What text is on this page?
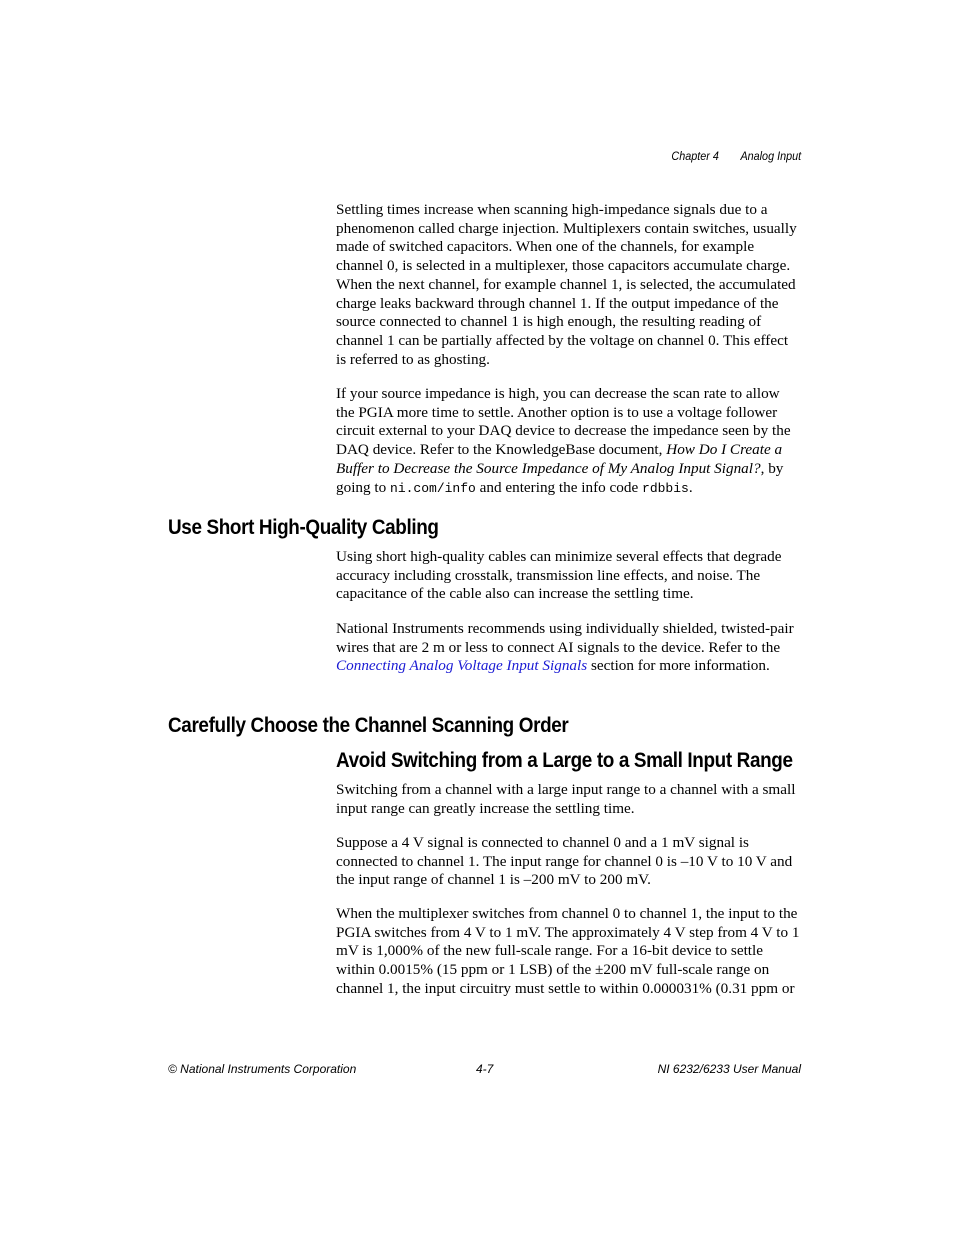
Chapter 4 Analog Input

Settling times increase when scanning high-impedance signals due to a phenomenon called charge injection. Multiplexers contain switches, usually made of switched capacitors. When one of the channels, for example channel 0, is selected in a multiplexer, those capacitors accumulate charge. When the next channel, for example channel 1, is selected, the accumulated charge leaks backward through channel 1. If the output impedance of the source connected to channel 1 is high enough, the resulting reading of channel 1 can be partially affected by the voltage on channel 0. This effect is referred to as ghosting.

If your source impedance is high, you can decrease the scan rate to allow the PGIA more time to settle. Another option is to use a voltage follower circuit external to your DAQ device to decrease the impedance seen by the DAQ device. Refer to the KnowledgeBase document, How Do I Create a Buffer to Decrease the Source Impedance of My Analog Input Signal?, by going to ni.com/info and entering the info code rdbbis.

Use Short High-Quality Cabling

Using short high-quality cables can minimize several effects that degrade accuracy including crosstalk, transmission line effects, and noise. The capacitance of the cable also can increase the settling time.

National Instruments recommends using individually shielded, twisted-pair wires that are 2 m or less to connect AI signals to the device. Refer to the Connecting Analog Voltage Input Signals section for more information.

Carefully Choose the Channel Scanning Order
Avoid Switching from a Large to a Small Input Range

Switching from a channel with a large input range to a channel with a small input range can greatly increase the settling time.

Suppose a 4 V signal is connected to channel 0 and a 1 mV signal is connected to channel 1. The input range for channel 0 is –10 V to 10 V and the input range of channel 1 is –200 mV to 200 mV.

When the multiplexer switches from channel 0 to channel 1, the input to the PGIA switches from 4 V to 1 mV. The approximately 4 V step from 4 V to 1 mV is 1,000% of the new full-scale range. For a 16-bit device to settle within 0.0015% (15 ppm or 1 LSB) of the ±200 mV full-scale range on channel 1, the input circuitry must settle to within 0.000031% (0.31 ppm or

© National Instruments Corporation	4-7	NI 6232/6233 User Manual
